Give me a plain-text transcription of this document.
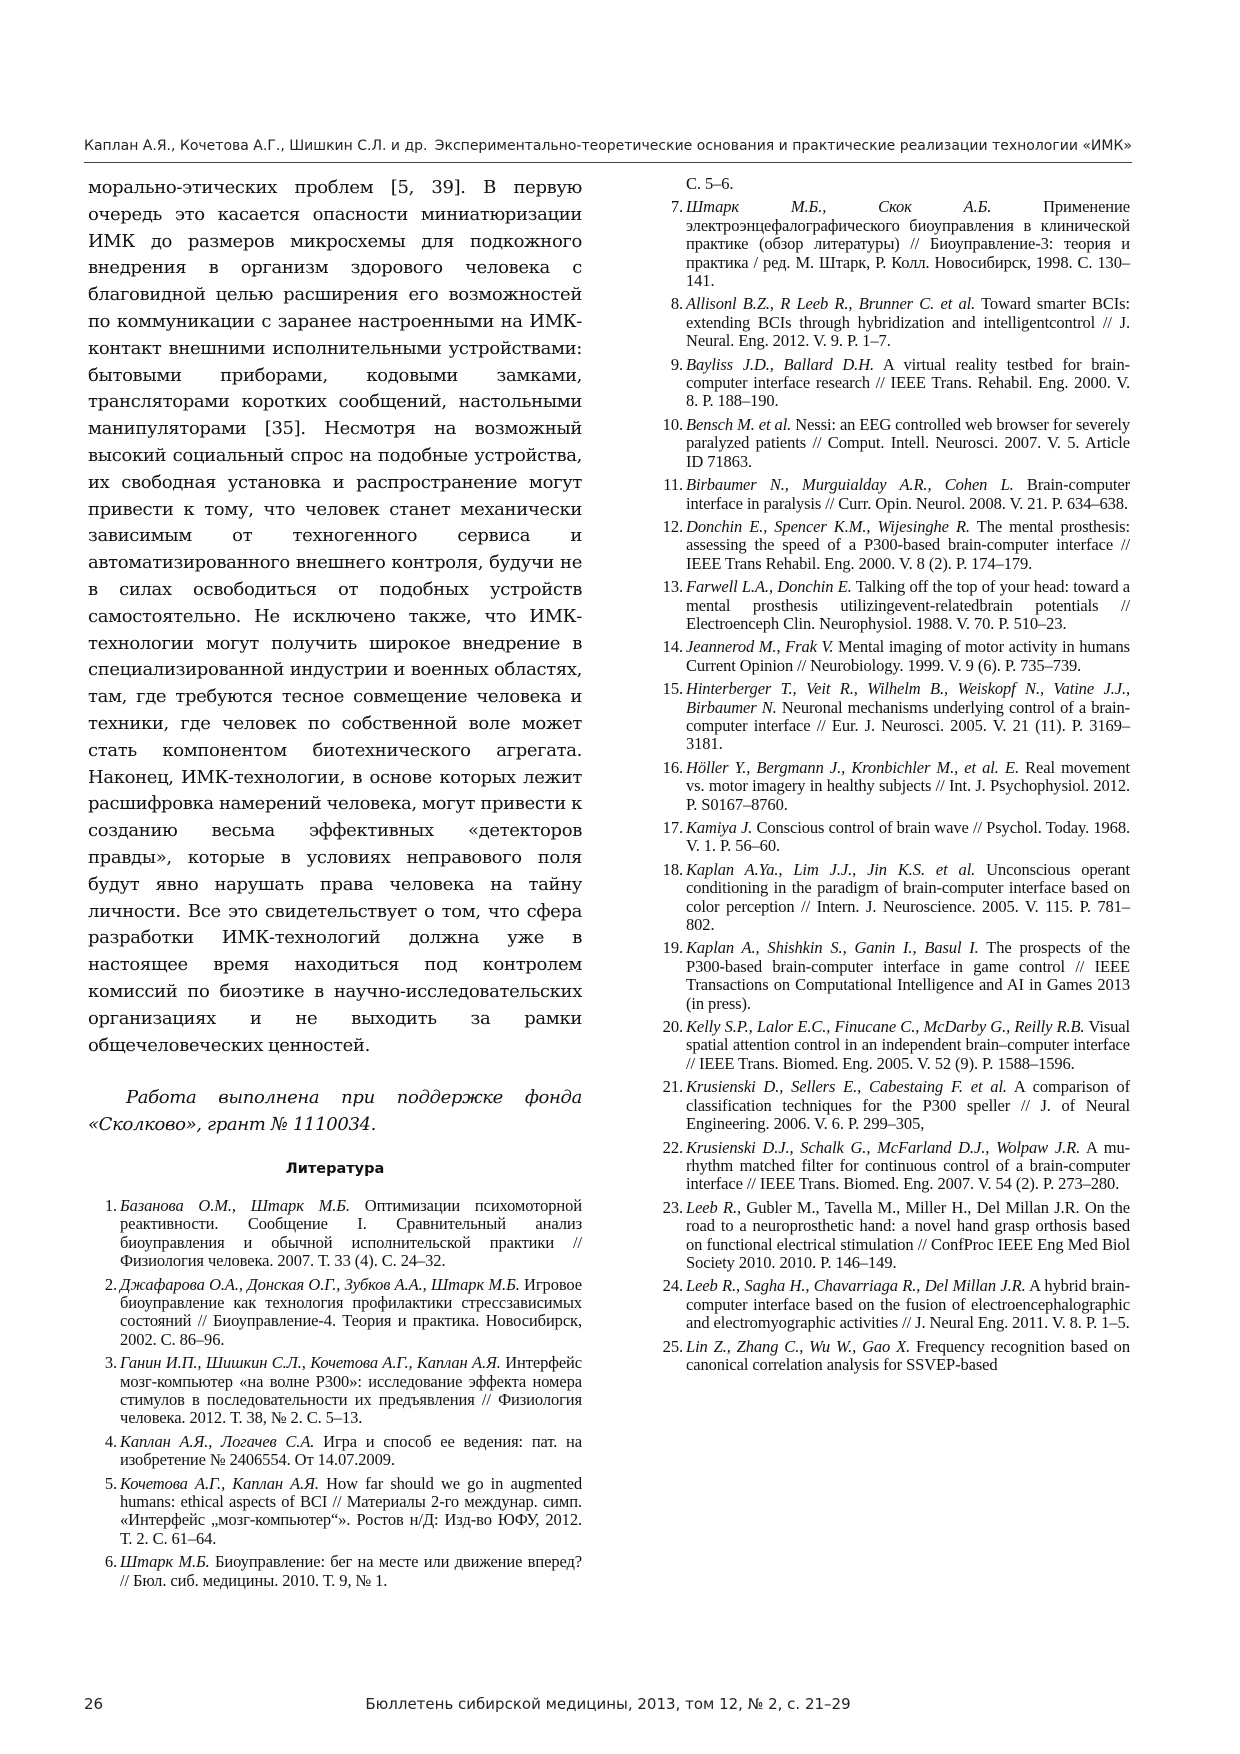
Каплан А.Я., Кочетова А.Г., Шишкин С.Л. и др. Экспериментально-теоретические основания и практические реализации технологии «ИМК»

морально-этических проблем [5, 39]. В первую очередь это касается опасности миниатюризации ИМК до размеров микросхемы для подкожного внедрения в организм здорового человека с благовидной целью расширения его возможностей по коммуникации с заранее настроенными на ИМК-контакт внешними исполнительными устройствами: бытовыми приборами, кодовыми замками, трансляторами коротких сообщений, настольными манипуляторами [35]. Несмотря на возможный высокий социальный спрос на подобные устройства, их свободная установка и распространение могут привести к тому, что человек станет механически зависимым от техногенного сервиса и автоматизированного внешнего контроля, будучи не в силах освободиться от подобных устройств самостоятельно. Не исключено также, что ИМК-технологии могут получить широкое внедрение в специализированной индустрии и военных областях, там, где требуются тесное совмещение человека и техники, где человек по собственной воле может стать компонентом биотехнического агрегата. Наконец, ИМК-технологии, в основе которых лежит расшифровка намерений человека, могут привести к созданию весьма эффективных «детекторов правды», которые в условиях неправового поля будут явно нарушать права человека на тайну личности. Все это свидетельствует о том, что сфера разработки ИМК-технологий должна уже в настоящее время находиться под контролем комиссий по биоэтике в научно-исследовательских организациях и не выходить за рамки общечеловеческих ценностей.

Работа выполнена при поддержке фонда «Сколково», грант № 1110034.

Литература
1. Базанова О.М., Штарк М.Б. Оптимизации психомоторной реактивности. Сообщение I. Сравнительный анализ биоуправления и обычной исполнительской практики // Физиология человека. 2007. Т. 33 (4). С. 24–32.
2. Джафарова О.А., Донская О.Г., Зубков А.А., Штарк М.Б. Игровое биоуправление как технология профилактики стрессзависимых состояний // Биоуправление-4. Теория и практика. Новосибирск, 2002. С. 86–96.
3. Ганин И.П., Шишкин С.Л., Кочетова А.Г., Каплан А.Я. Интерфейс мозг-компьютер «на волне Р300»: исследование эффекта номера стимулов в последовательности их предъявления // Физиология человека. 2012. Т. 38, № 2. С. 5–13.
4. Каплан А.Я., Логачев С.А. Игра и способ ее ведения: пат. на изобретение № 2406554. От 14.07.2009.
5. Кочетова А.Г., Каплан А.Я. How far should we go in augmented humans: ethical aspects of BCI // Материалы 2-го междунар. симп. «Интерфейс „мозг-компьютер“». Ростов н/Д: Изд-во ЮФУ, 2012. Т. 2. С. 61–64.
6. Штарк М.Б. Биоуправление: бег на месте или движение вперед? // Бюл. сиб. медицины. 2010. Т. 9, № 1.
С. 5–6.
7. Штарк М.Б., Скок А.Б. Применение электроэнцефалографического биоуправления в клинической практике (обзор литературы) // Биоуправление-3: теория и практика / ред. М. Штарк, Р. Колл. Новосибирск, 1998. С. 130–141.
8. Allisonl B.Z., R Leeb R., Brunner C. et al. Toward smarter BCIs: extending BCIs through hybridization and intelligentcontrol // J. Neural. Eng. 2012. V. 9. P. 1–7.
9. Bayliss J.D., Ballard D.H. A virtual reality testbed for brain-computer interface research // IEEE Trans. Rehabil. Eng. 2000. V. 8. P. 188–190.
10. Bensch M. et al. Nessi: an EEG controlled web browser for severely paralyzed patients // Comput. Intell. Neurosci. 2007. V. 5. Article ID 71863.
11. Birbaumer N., Murguialday A.R., Cohen L. Brain-computer interface in paralysis // Curr. Opin. Neurol. 2008. V. 21. P. 634–638.
12. Donchin E., Spencer K.M., Wijesinghe R. The mental prosthesis: assessing the speed of a P300-based brain-computer interface // IEEE Trans Rehabil. Eng. 2000. V. 8 (2). P. 174–179.
13. Farwell L.A., Donchin E. Talking off the top of your head: toward a mental prosthesis utilizingevent-relatedbrain potentials // Electroenceph Clin. Neurophysiol. 1988. V. 70. P. 510–23.
14. Jeannerod M., Frak V. Mental imaging of motor activity in humans Current Opinion // Neurobiology. 1999. V. 9 (6). P. 735–739.
15. Hinterberger T., Veit R., Wilhelm B., Weiskopf N., Vatine J.J., Birbaumer N. Neuronal mechanisms underlying control of a brain-computer interface // Eur. J. Neurosci. 2005. V. 21 (11). P. 3169–3181.
16. Höller Y., Bergmann J., Kronbichler M., et al. E. Real movement vs. motor imagery in healthy subjects // Int. J. Psychophysiol. 2012. P. S0167–8760.
17. Kamiya J. Conscious control of brain wave // Psychol. Today. 1968. V. 1. P. 56–60.
18. Kaplan A.Ya., Lim J.J., Jin K.S. et al. Unconscious operant conditioning in the paradigm of brain-computer interface based on color perception // Intern. J. Neuroscience. 2005. V. 115. P. 781–802.
19. Kaplan A., Shishkin S., Ganin I., Basul I. The prospects of the P300-based brain-computer interface in game control // IEEE Transactions on Computational Intelligence and AI in Games 2013 (in press).
20. Kelly S.P., Lalor E.C., Finucane C., McDarby G., Reilly R.B. Visual spatial attention control in an independent brain–computer interface // IEEE Trans. Biomed. Eng. 2005. V. 52 (9). P. 1588–1596.
21. Krusienski D., Sellers E., Cabestaing F. et al. A comparison of classification techniques for the P300 speller // J. of Neural Engineering. 2006. V. 6. P. 299–305,
22. Krusienski D.J., Schalk G., McFarland D.J., Wolpaw J.R. A mu-rhythm matched filter for continuous control of a brain-computer interface // IEEE Trans. Biomed. Eng. 2007. V. 54 (2). P. 273–280.
23. Leeb R., Gubler M., Tavella M., Miller H., Del Millan J.R. On the road to a neuroprosthetic hand: a novel hand grasp orthosis based on functional electrical stimulation // ConfProc IEEE Eng Med Biol Society 2010. 2010. P. 146–149.
24. Leeb R., Sagha H., Chavarriaga R., Del Millan J.R. A hybrid brain-computer interface based on the fusion of electroencephalographic and electromyographic activities // J. Neural Eng. 2011. V. 8. P. 1–5.
25. Lin Z., Zhang C., Wu W., Gao X. Frequency recognition based on canonical correlation analysis for SSVEP-based
26	Бюллетень сибирской медицины, 2013, том 12, № 2, с. 21–29
